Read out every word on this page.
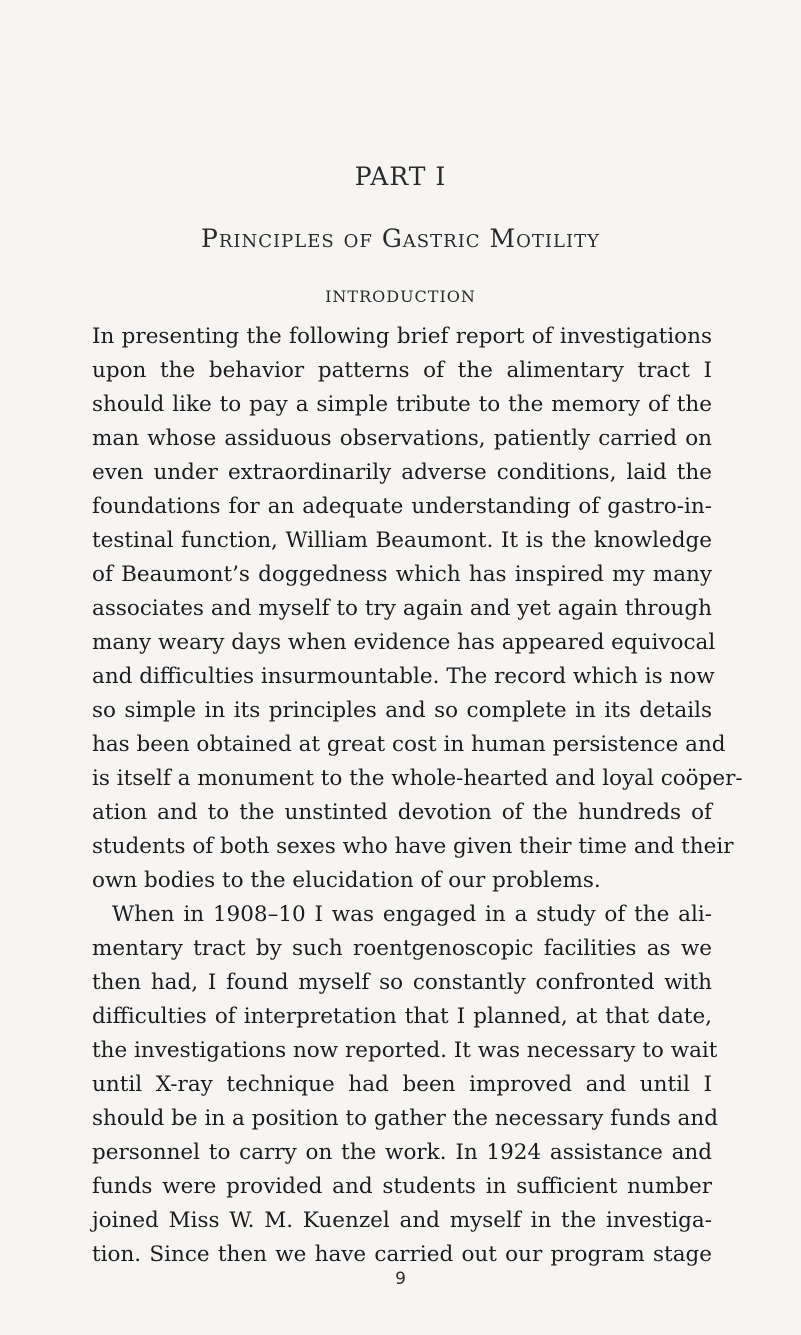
PART I
Principles of Gastric Motility
INTRODUCTION
In presenting the following brief report of investigations
upon the behavior patterns of the alimentary tract I
should like to pay a simple tribute to the memory of the
man whose assiduous observations, patiently carried on
even under extraordinarily adverse conditions, laid the
foundations for an adequate understanding of gastro-in-
testinal function, William Beaumont. It is the knowledge
of Beaumont’s doggedness which has inspired my many
associates and myself to try again and yet again through
many weary days when evidence has appeared equivocal
and difficulties insurmountable. The record which is now
so simple in its principles and so complete in its details
has been obtained at great cost in human persistence and
is itself a monument to the whole-hearted and loyal coöper-
ation and to the unstinted devotion of the hundreds of
students of both sexes who have given their time and their
own bodies to the elucidation of our problems.
When in 1908–10 I was engaged in a study of the ali-
mentary tract by such roentgenoscopic facilities as we
then had, I found myself so constantly confronted with
difficulties of interpretation that I planned, at that date,
the investigations now reported. It was necessary to wait
until X-ray technique had been improved and until I
should be in a position to gather the necessary funds and
personnel to carry on the work. In 1924 assistance and
funds were provided and students in sufficient number
joined Miss W. M. Kuenzel and myself in the investiga-
tion. Since then we have carried out our program stage
9
